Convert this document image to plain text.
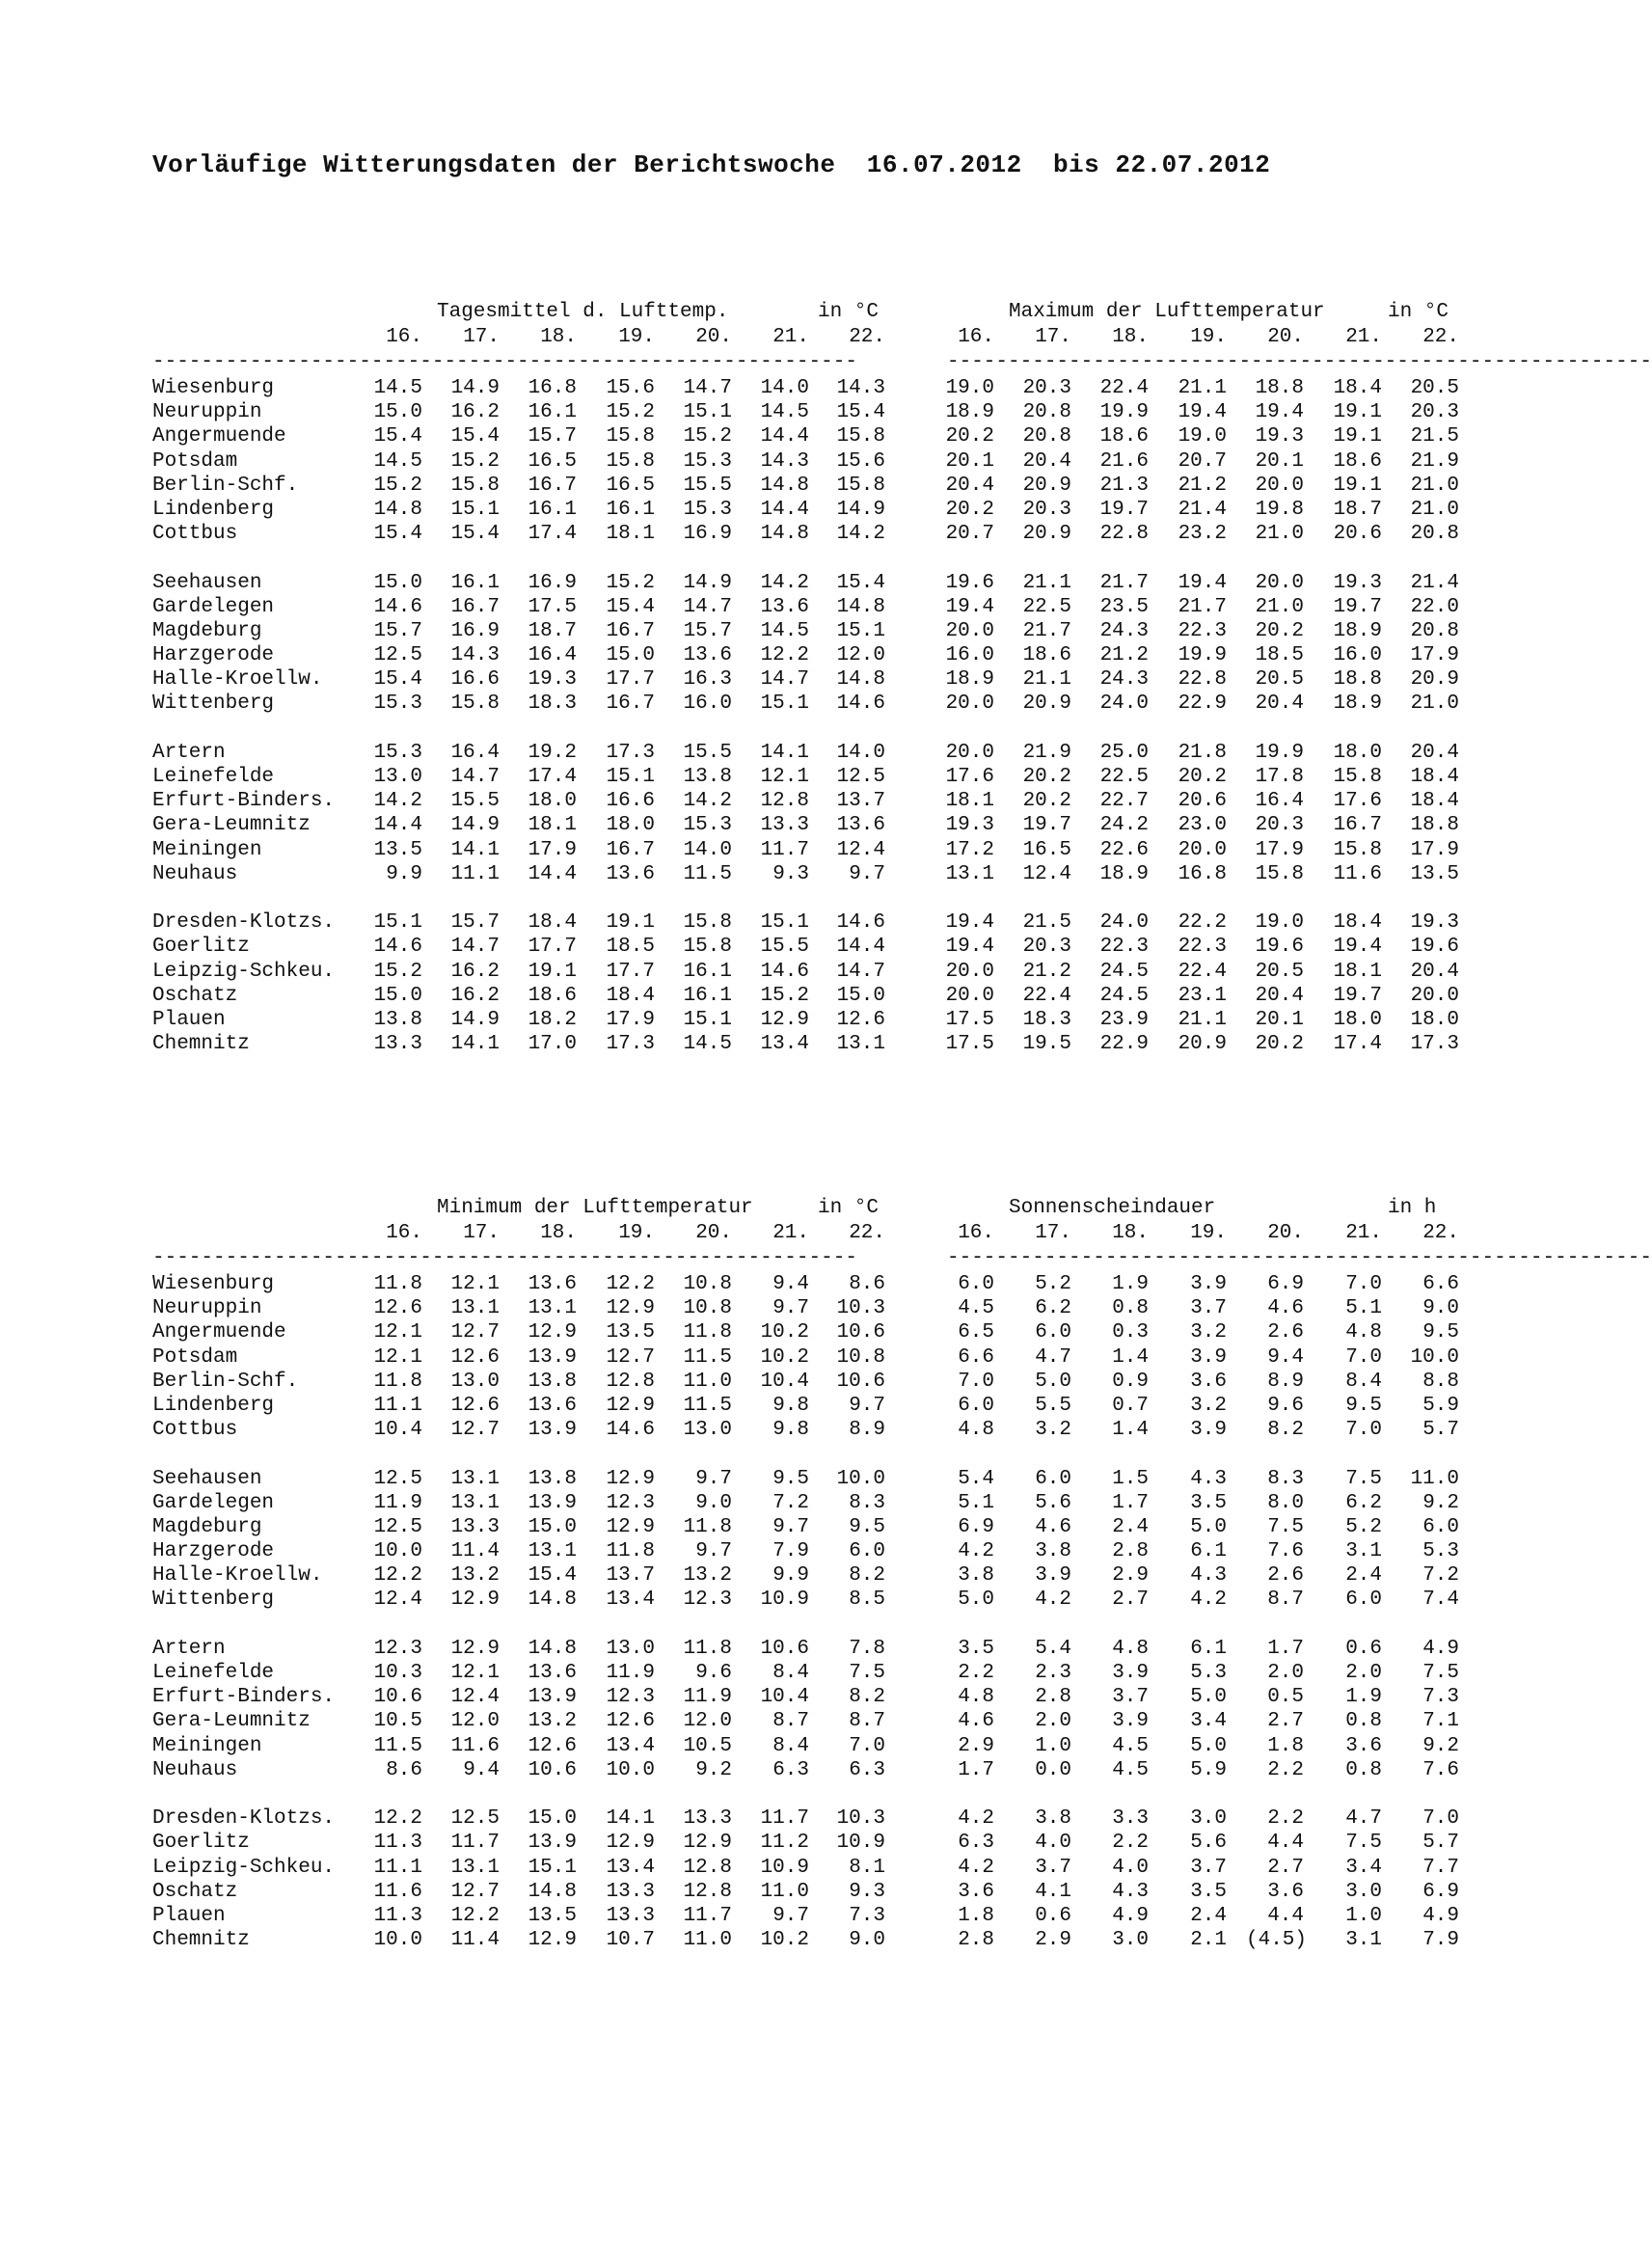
Vorläufige Witterungsdaten der Berichtswoche  16.07.2012  bis 22.07.2012
Tagesmittel d. Lufttemp.	in °C	Maximum der Lufttemperatur	in °C
16.	17.	18.	19.	20.	21.	22.	16.	17.	18.	19.	20.	21.	22.
----------------------------------------------------------	----------------------------------------------------------
Wiesenburg	14.5	14.9	16.8	15.6	14.7	14.0	14.3	19.0	20.3	22.4	21.1	18.8	18.4	20.5
Neuruppin	15.0	16.2	16.1	15.2	15.1	14.5	15.4	18.9	20.8	19.9	19.4	19.4	19.1	20.3
Angermuende	15.4	15.4	15.7	15.8	15.2	14.4	15.8	20.2	20.8	18.6	19.0	19.3	19.1	21.5
Potsdam	14.5	15.2	16.5	15.8	15.3	14.3	15.6	20.1	20.4	21.6	20.7	20.1	18.6	21.9
Berlin-Schf.	15.2	15.8	16.7	16.5	15.5	14.8	15.8	20.4	20.9	21.3	21.2	20.0	19.1	21.0
Lindenberg	14.8	15.1	16.1	16.1	15.3	14.4	14.9	20.2	20.3	19.7	21.4	19.8	18.7	21.0
Cottbus	15.4	15.4	17.4	18.1	16.9	14.8	14.2	20.7	20.9	22.8	23.2	21.0	20.6	20.8
Seehausen	15.0	16.1	16.9	15.2	14.9	14.2	15.4	19.6	21.1	21.7	19.4	20.0	19.3	21.4
Gardelegen	14.6	16.7	17.5	15.4	14.7	13.6	14.8	19.4	22.5	23.5	21.7	21.0	19.7	22.0
Magdeburg	15.7	16.9	18.7	16.7	15.7	14.5	15.1	20.0	21.7	24.3	22.3	20.2	18.9	20.8
Harzgerode	12.5	14.3	16.4	15.0	13.6	12.2	12.0	16.0	18.6	21.2	19.9	18.5	16.0	17.9
Halle-Kroellw.	15.4	16.6	19.3	17.7	16.3	14.7	14.8	18.9	21.1	24.3	22.8	20.5	18.8	20.9
Wittenberg	15.3	15.8	18.3	16.7	16.0	15.1	14.6	20.0	20.9	24.0	22.9	20.4	18.9	21.0
Artern	15.3	16.4	19.2	17.3	15.5	14.1	14.0	20.0	21.9	25.0	21.8	19.9	18.0	20.4
Leinefelde	13.0	14.7	17.4	15.1	13.8	12.1	12.5	17.6	20.2	22.5	20.2	17.8	15.8	18.4
Erfurt-Binders.	14.2	15.5	18.0	16.6	14.2	12.8	13.7	18.1	20.2	22.7	20.6	16.4	17.6	18.4
Gera-Leumnitz	14.4	14.9	18.1	18.0	15.3	13.3	13.6	19.3	19.7	24.2	23.0	20.3	16.7	18.8
Meiningen	13.5	14.1	17.9	16.7	14.0	11.7	12.4	17.2	16.5	22.6	20.0	17.9	15.8	17.9
Neuhaus	9.9	11.1	14.4	13.6	11.5	9.3	9.7	13.1	12.4	18.9	16.8	15.8	11.6	13.5
Dresden-Klotzs.	15.1	15.7	18.4	19.1	15.8	15.1	14.6	19.4	21.5	24.0	22.2	19.0	18.4	19.3
Goerlitz	14.6	14.7	17.7	18.5	15.8	15.5	14.4	19.4	20.3	22.3	22.3	19.6	19.4	19.6
Leipzig-Schkeu.	15.2	16.2	19.1	17.7	16.1	14.6	14.7	20.0	21.2	24.5	22.4	20.5	18.1	20.4
Oschatz	15.0	16.2	18.6	18.4	16.1	15.2	15.0	20.0	22.4	24.5	23.1	20.4	19.7	20.0
Plauen	13.8	14.9	18.2	17.9	15.1	12.9	12.6	17.5	18.3	23.9	21.1	20.1	18.0	18.0
Chemnitz	13.3	14.1	17.0	17.3	14.5	13.4	13.1	17.5	19.5	22.9	20.9	20.2	17.4	17.3
Minimum der Lufttemperatur	in °C	Sonnenscheindauer	in h
16.	17.	18.	19.	20.	21.	22.	16.	17.	18.	19.	20.	21.	22.
----------------------------------------------------------	----------------------------------------------------------
Wiesenburg	11.8	12.1	13.6	12.2	10.8	9.4	8.6	6.0	5.2	1.9	3.9	6.9	7.0	6.6
Neuruppin	12.6	13.1	13.1	12.9	10.8	9.7	10.3	4.5	6.2	0.8	3.7	4.6	5.1	9.0
Angermuende	12.1	12.7	12.9	13.5	11.8	10.2	10.6	6.5	6.0	0.3	3.2	2.6	4.8	9.5
Potsdam	12.1	12.6	13.9	12.7	11.5	10.2	10.8	6.6	4.7	1.4	3.9	9.4	7.0	10.0
Berlin-Schf.	11.8	13.0	13.8	12.8	11.0	10.4	10.6	7.0	5.0	0.9	3.6	8.9	8.4	8.8
Lindenberg	11.1	12.6	13.6	12.9	11.5	9.8	9.7	6.0	5.5	0.7	3.2	9.6	9.5	5.9
Cottbus	10.4	12.7	13.9	14.6	13.0	9.8	8.9	4.8	3.2	1.4	3.9	8.2	7.0	5.7
Seehausen	12.5	13.1	13.8	12.9	9.7	9.5	10.0	5.4	6.0	1.5	4.3	8.3	7.5	11.0
Gardelegen	11.9	13.1	13.9	12.3	9.0	7.2	8.3	5.1	5.6	1.7	3.5	8.0	6.2	9.2
Magdeburg	12.5	13.3	15.0	12.9	11.8	9.7	9.5	6.9	4.6	2.4	5.0	7.5	5.2	6.0
Harzgerode	10.0	11.4	13.1	11.8	9.7	7.9	6.0	4.2	3.8	2.8	6.1	7.6	3.1	5.3
Halle-Kroellw.	12.2	13.2	15.4	13.7	13.2	9.9	8.2	3.8	3.9	2.9	4.3	2.6	2.4	7.2
Wittenberg	12.4	12.9	14.8	13.4	12.3	10.9	8.5	5.0	4.2	2.7	4.2	8.7	6.0	7.4
Artern	12.3	12.9	14.8	13.0	11.8	10.6	7.8	3.5	5.4	4.8	6.1	1.7	0.6	4.9
Leinefelde	10.3	12.1	13.6	11.9	9.6	8.4	7.5	2.2	2.3	3.9	5.3	2.0	2.0	7.5
Erfurt-Binders.	10.6	12.4	13.9	12.3	11.9	10.4	8.2	4.8	2.8	3.7	5.0	0.5	1.9	7.3
Gera-Leumnitz	10.5	12.0	13.2	12.6	12.0	8.7	8.7	4.6	2.0	3.9	3.4	2.7	0.8	7.1
Meiningen	11.5	11.6	12.6	13.4	10.5	8.4	7.0	2.9	1.0	4.5	5.0	1.8	3.6	9.2
Neuhaus	8.6	9.4	10.6	10.0	9.2	6.3	6.3	1.7	0.0	4.5	5.9	2.2	0.8	7.6
Dresden-Klotzs.	12.2	12.5	15.0	14.1	13.3	11.7	10.3	4.2	3.8	3.3	3.0	2.2	4.7	7.0
Goerlitz	11.3	11.7	13.9	12.9	12.9	11.2	10.9	6.3	4.0	2.2	5.6	4.4	7.5	5.7
Leipzig-Schkeu.	11.1	13.1	15.1	13.4	12.8	10.9	8.1	4.2	3.7	4.0	3.7	2.7	3.4	7.7
Oschatz	11.6	12.7	14.8	13.3	12.8	11.0	9.3	3.6	4.1	4.3	3.5	3.6	3.0	6.9
Plauen	11.3	12.2	13.5	13.3	11.7	9.7	7.3	1.8	0.6	4.9	2.4	4.4	1.0	4.9
Chemnitz	10.0	11.4	12.9	10.7	11.0	10.2	9.0	2.8	2.9	3.0	2.1 (4.5)	3.1	7.9
